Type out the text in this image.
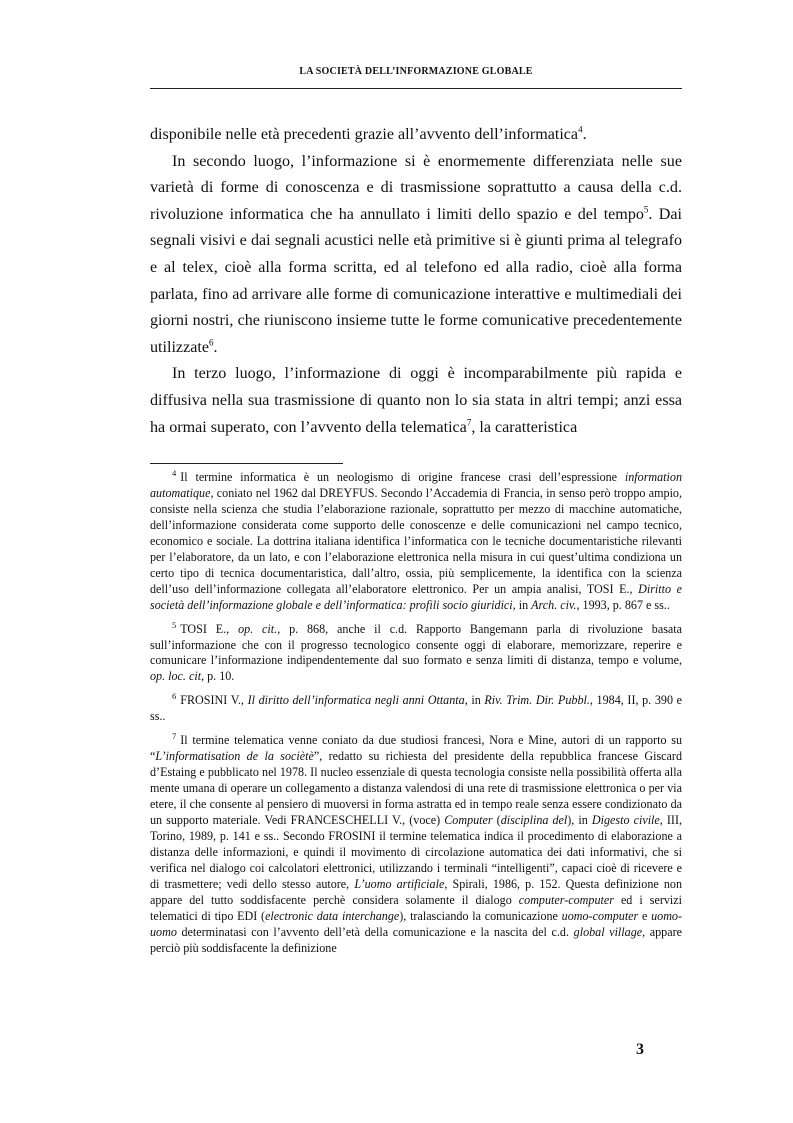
LA SOCIETÀ DELL’INFORMAZIONE GLOBALE

disponibile nelle età precedenti grazie all’avvento dell’informatica$^4$.

In secondo luogo, l’informazione si è enormemente differenziata nelle sue varietà di forme di conoscenza e di trasmissione soprattutto a causa della c.d. rivoluzione informatica che ha annullato i limiti dello spazio e del tempo$^5$. Dai segnali visivi e dai segnali acustici nelle età primitive si è giunti prima al telegrafo e al telex, cioè alla forma scritta, ed al telefono ed alla radio, cioè alla forma parlata, fino ad arrivare alle forme di comunicazione interattive e multimediali dei giorni nostri, che riuniscono insieme tutte le forme comunicative precedentemente utilizzate$^6$.

In terzo luogo, l’informazione di oggi è incomparabilmente più rapida e diffusiva nella sua trasmissione di quanto non lo sia stata in altri tempi; anzi essa ha ormai superato, con l’avvento della telematica$^7$, la caratteristica

$^4$ Il termine informatica è un neologismo di origine francese crasi dell’espressione information automatique, coniato nel 1962 dal DREYFUS. Secondo l’Accademia di Francia, in senso però troppo ampio, consiste nella scienza che studia l’elaborazione razionale, soprattutto per mezzo di macchine automatiche, dell’informazione considerata come supporto delle conoscenze e delle comunicazioni nel campo tecnico, economico e sociale. La dottrina italiana identifica l’informatica con le tecniche documentaristiche rilevanti per l’elaboratore, da un lato, e con l’elaborazione elettronica nella misura in cui quest’ultima condiziona un certo tipo di tecnica documentaristica, dall’altro, ossia, più semplicemente, la identifica con la scienza dell’uso dell’informazione collegata all’elaboratore elettronico. Per un ampia analisi, TOSI E., Diritto e società dell’informazione globale e dell’informatica: profili socio giuridici, in Arch. civ., 1993, p. 867 e ss..

$^5$ TOSI E., op. cit., p. 868, anche il c.d. Rapporto Bangemann parla di rivoluzione basata sull’informazione che con il progresso tecnologico consente oggi di elaborare, memorizzare, reperire e comunicare l’informazione indipendentemente dal suo formato e senza limiti di distanza, tempo e volume, op. loc. cit, p. 10.

$^6$ FROSINI V., Il diritto dell’informatica negli anni Ottanta, in Riv. Trim. Dir. Pubbl., 1984, II, p. 390 e ss..

$^7$ Il termine telematica venne coniato da due studiosi francesi, Nora e Mine, autori di un rapporto su “L’informatisation de la sociètè”, redatto su richiesta del presidente della repubblica francese Giscard d’Estaing e pubblicato nel 1978. Il nucleo essenziale di questa tecnologia consiste nella possibilità offerta alla mente umana di operare un collegamento a distanza valendosi di una rete di trasmissione elettronica o per via etere, il che consente al pensiero di muoversi in forma astratta ed in tempo reale senza essere condizionato da un supporto materiale. Vedi FRANCESCHELLI V., (voce) Computer (disciplina del), in Digesto civile, III, Torino, 1989, p. 141 e ss.. Secondo FROSINI il termine telematica indica il procedimento di elaborazione a distanza delle informazioni, e quindi il movimento di circolazione automatica dei dati informativi, che si verifica nel dialogo coi calcolatori elettronici, utilizzando i terminali “intelligenti”, capaci cioè di ricevere e di trasmettere; vedi dello stesso autore, L’uomo artificiale, Spirali, 1986, p. 152. Questa definizione non appare del tutto soddisfacente perchè considera solamente il dialogo computer-computer ed i servizi telematici di tipo EDI (electronic data interchange), tralasciando la comunicazione uomo-computer e uomo-uomo determinatasi con l’avvento dell’età della comunicazione e la nascita del c.d. global village, appare perciò più soddisfacente la definizione

3
